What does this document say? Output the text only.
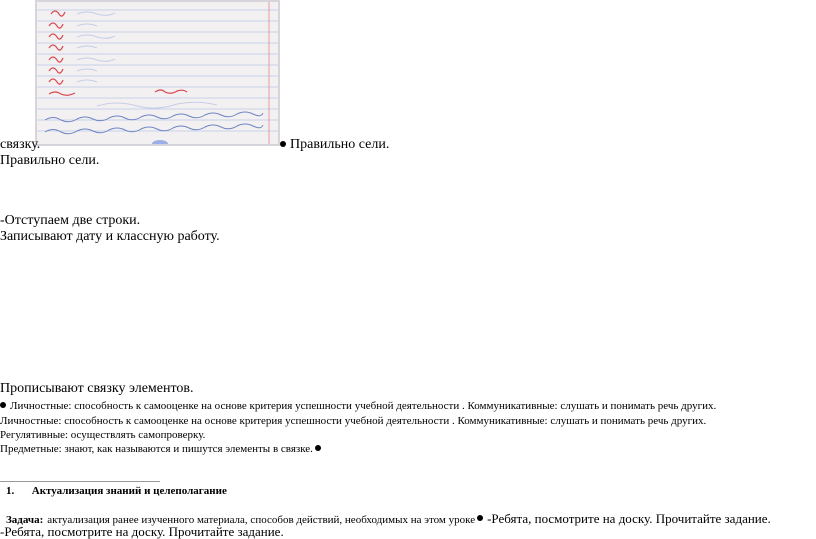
связку.	Правильно сели.
Правильно сели.
-Отступаем две строки.
Записывают дату и классную работу.
Прописывают связку элементов.
Личностные: способность к самооценке на основе критерия успешности учебной деятельности . Коммуникативные: слушать и понимать речь других.
Личностные: способность к самооценке на основе критерия успешности учебной деятельности . Коммуникативные: слушать и понимать речь других.
Регулятивные: осуществлять самопроверку.
Предметные: знают, как называются и пишутся элементы в связке.
1. Актуализация знаний и целеполагание
Задача: актуализация ранее изученного материала, способов действий, необходимых на этом уроке -Ребята, посмотрите на доску. Прочитайте задание.
-Ребята, посмотрите на доску. Прочитайте задание.
